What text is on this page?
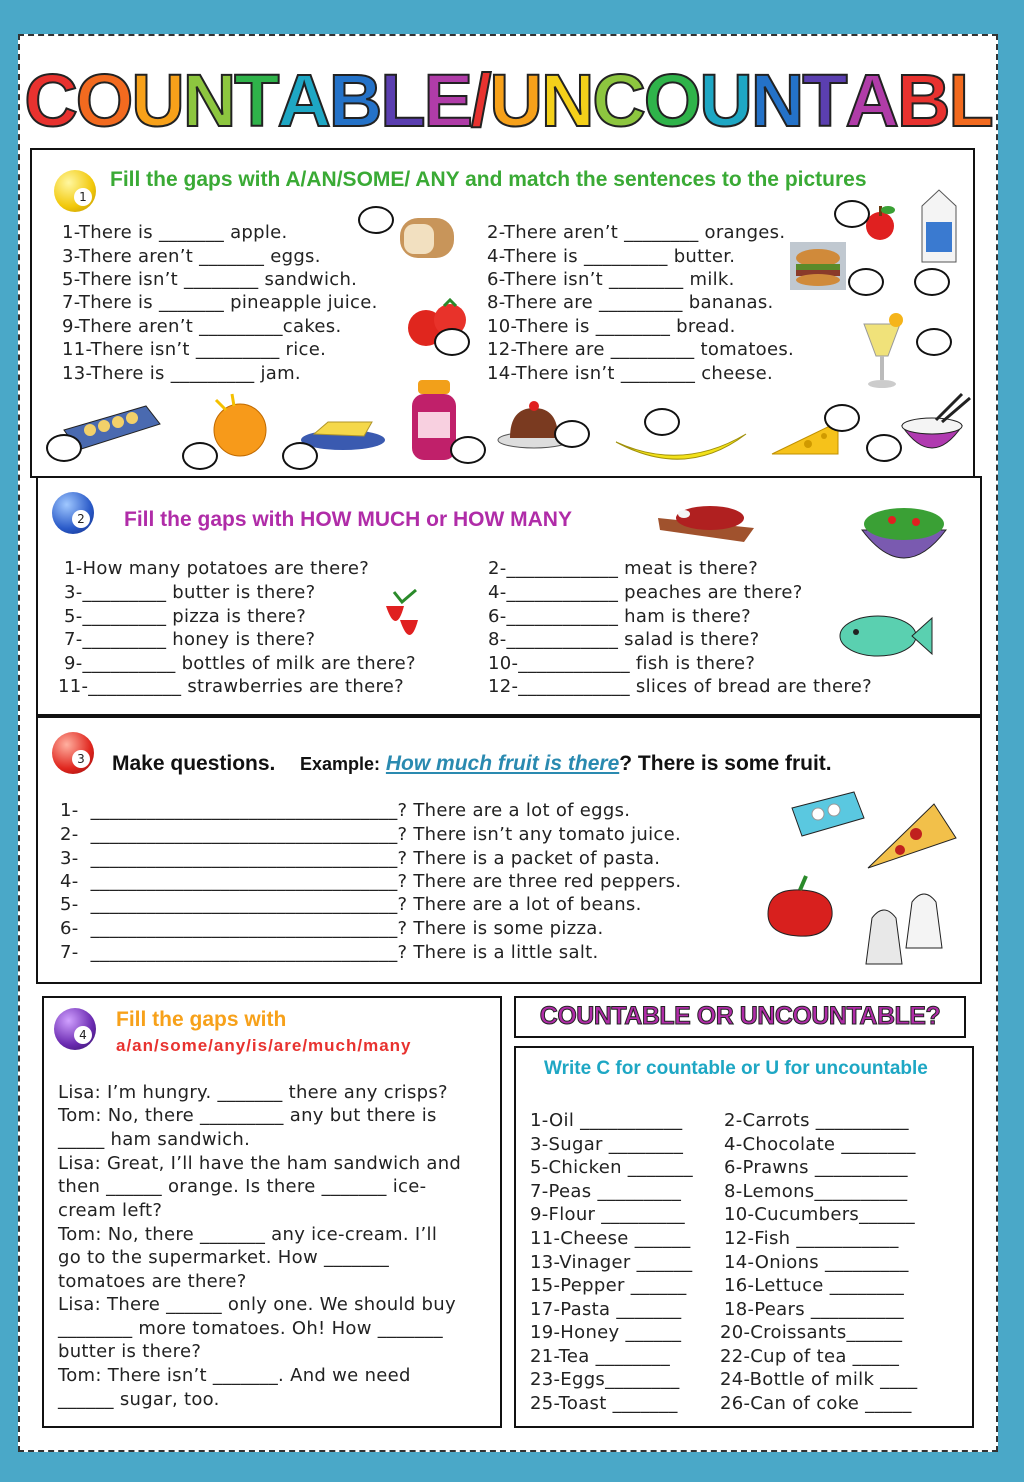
COUNTABLE/UNCOUNTABL
1
Fill the gaps with A/AN/SOME/ ANY and match the sentences to the pictures
1-There is _______ apple.
3-There aren’t _______ eggs.
5-There isn’t ________ sandwich.
7-There is _______ pineapple juice.
9-There aren’t _________cakes.
11-There isn’t _________ rice.
13-There is _________ jam.
2-There aren’t ________ oranges.
4-There is _________ butter.
6-There isn’t ________ milk.
8-There are _________ bananas.
10-There is ________ bread.
12-There are _________ tomatoes.
14-There isn’t ________ cheese.
2 Fill the gaps with HOW MUCH or HOW MANY
1-How many potatoes are there?
3-_________ butter is there?
5-_________ pizza is there?
7-_________ honey is there?
9-__________ bottles of milk are there?
11-__________ strawberries are there?
2-____________ meat is there?
4-____________ peaches are there?
6-____________ ham is there?
8-____________ salad is there?
10-____________ fish is there?
12-____________ slices of bread are there?
3 Make questions. Example: How much fruit is there? There is some fruit.
1-  _________________________________? There are a lot of eggs.
2-  _________________________________? There isn’t any tomato juice.
3-  _________________________________? There is a packet of pasta.
4-  _________________________________? There are three red peppers.
5-  _________________________________? There are a lot of beans.
6-  _________________________________? There is some pizza.
7-  _________________________________? There is a little salt.
4
Fill the gaps with
a/an/some/any/is/are/much/many
Lisa: I’m hungry. _______ there any crisps?
Tom: No, there _________ any but there is
_____ ham sandwich.
Lisa: Great, I’ll have the ham sandwich and
then ______ orange. Is there _______ ice-
cream left?
Tom: No, there _______ any ice-cream. I’ll
go to the supermarket. How _______
tomatoes are there?
Lisa: There ______ only one. We should buy
________ more tomatoes. Oh! How _______
butter is there?
Tom: There isn’t _______. And we need
______ sugar, too.
COUNTABLE OR UNCOUNTABLE?
Write C for countable or U for uncountable
1-Oil ___________
3-Sugar ________
5-Chicken _______
7-Peas _________
9-Flour _________
11-Cheese ______
13-Vinager ______
15-Pepper ______
17-Pasta _______
19-Honey ______
21-Tea ________
23-Eggs________
25-Toast _______
2-Carrots __________
4-Chocolate ________
6-Prawns __________
8-Lemons__________
10-Cucumbers______
12-Fish ___________
14-Onions _________
16-Lettuce ________
18-Pears __________
20-Croissants______
22-Cup of tea _____
24-Bottle of milk ____
26-Can of coke _____
